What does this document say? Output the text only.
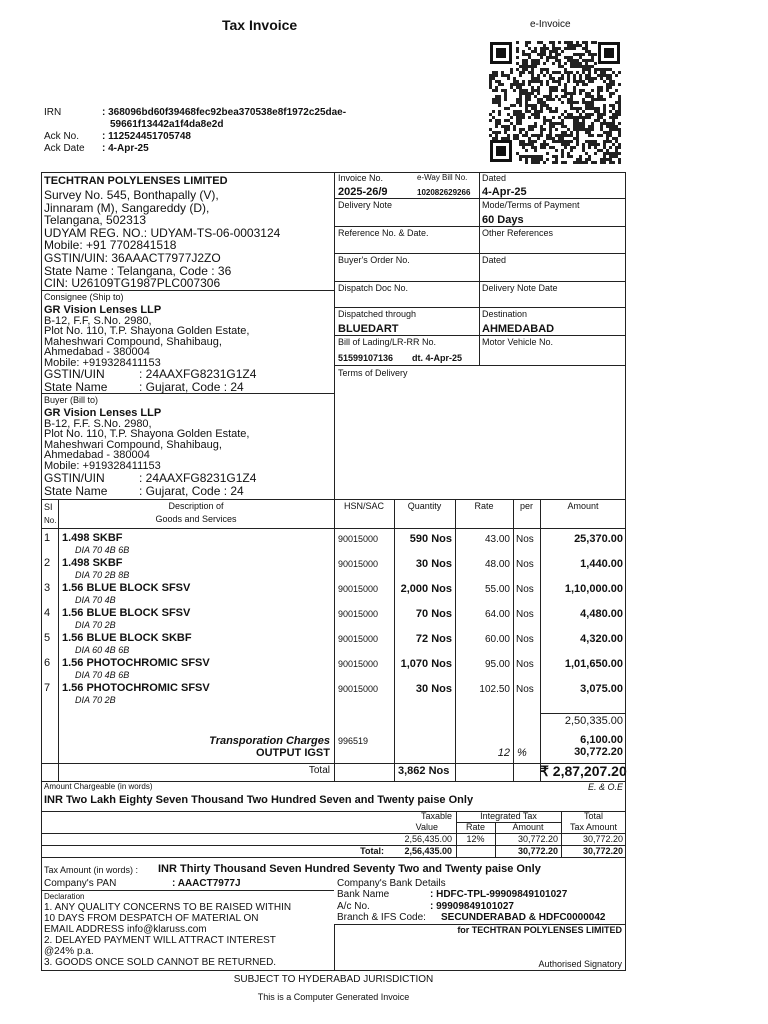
Tax Invoice	e-Invoice
IRN	: 368096bd60f39468fec92bea370538e8f1972c25dae-
59661f13442a1f4da8e2d
Ack No. : 112524451705748
Ack Date : 4-Apr-25
TECHTRAN POLYLENSES LIMITED
Survey No. 545, Bonthapally (V),
Jinnaram (M), Sangareddy (D),
Telangana, 502313
UDYAM REG. NO.: UDYAM-TS-06-0003124
Mobile: +91 7702841518
GSTIN/UIN: 36AAACT7977J2ZO
State Name : Telangana, Code : 36
CIN: U26109TG1987PLC007306
Consignee (Ship to)
GR Vision Lenses LLP
B-12, F.F, S.No. 2980,
Plot No. 110, T.P. Shayona Golden Estate,
Maheshwari Compound, Shahibaug,
Ahmedabad - 380004
Mobile: +919328411153
GSTIN/UIN	: 24AAXFG8231G1Z4
State Name	: Gujarat, Code : 24
Buyer (Bill to)
GR Vision Lenses LLP
B-12, F.F. S.No. 2980,
Plot No. 110, T.P. Shayona Golden Estate,
Maheshwari Compound, Shahibaug,
Ahmedabad - 380004
Mobile: +919328411153
GSTIN/UIN	: 24AAXFG8231G1Z4
State Name	: Gujarat, Code : 24
Invoice No.
2025-26/9
e-Way Bill No.
102082629266
Dated
4-Apr-25
Delivery Note	Mode/Terms of Payment
60 Days
Reference No. & Date.	Other References
Buyer's Order No.	Dated
Dispatch Doc No.	Delivery Note Date
Dispatched through
BLUEDART
Destination
AHMEDABAD
Bill of Lading/LR-RR No.
51599107136 dt. 4-Apr-25
Motor Vehicle No.
Terms of Delivery
SI
No.
Description of
Goods and Services
HSN/SAC	Quantity	Rate	per	Amount
1 1.498 SKBF
DIA 70 4B 6B
90015000	590 Nos	43.00 Nos	25,370.00
2 1.498 SKBF
DIA 70 2B 8B
90015000	30 Nos	48.00 Nos	1,440.00
3 1.56 BLUE BLOCK SFSV
DIA 70 4B
90015000	2,000 Nos	55.00 Nos	1,10,000.00
4 1.56 BLUE BLOCK SFSV
DIA 70 2B
90015000	70 Nos	64.00 Nos	4,480.00
5 1.56 BLUE BLOCK SKBF
DIA 60 4B 6B
90015000	72 Nos	60.00 Nos	4,320.00
6 1.56 PHOTOCHROMIC SFSV
DIA 70 4B 6B
90015000	1,070 Nos	95.00 Nos	1,01,650.00
7 1.56 PHOTOCHROMIC SFSV
DIA 70 2B
90015000	30 Nos	102.50 Nos	3,075.00
2,50,335.00
Transporation Charges 996519	6,100.00
OUTPUT IGST	12 %	30,772.20
Total	3,862 Nos	₹ 2,87,207.20
Amount Chargeable (in words)	E. & O.E
INR Two Lakh Eighty Seven Thousand Two Hundred Seven and Twenty paise Only
Taxable
Value
Integrated Tax
Rate	Amount
Total
Tax Amount
2,56,435.00	12%	30,772.20	30,772.20
Total:	2,56,435.00	30,772.20	30,772.20
Tax Amount (in words) : INR Thirty Thousand Seven Hundred Seventy Two and Twenty paise Only
Company's PAN	: AAACT7977J	Company's Bank Details
Bank Name	: HDFC-TPL-99909849101027
A/c No.	: 99909849101027
Branch & IFS Code: SECUNDERABAD & HDFC0000042
Declaration
1. ANY QUALITY CONCERNS TO BE RAISED WITHIN
10 DAYS FROM DESPATCH OF MATERIAL ON
EMAIL ADDRESS info@klaruss.com
2. DELAYED PAYMENT WILL ATTRACT INTEREST
@24% p.a.
3. GOODS ONCE SOLD CANNOT BE RETURNED.
for TECHTRAN POLYLENSES LIMITED
Authorised Signatory
SUBJECT TO HYDERABAD JURISDICTION
This is a Computer Generated Invoice
